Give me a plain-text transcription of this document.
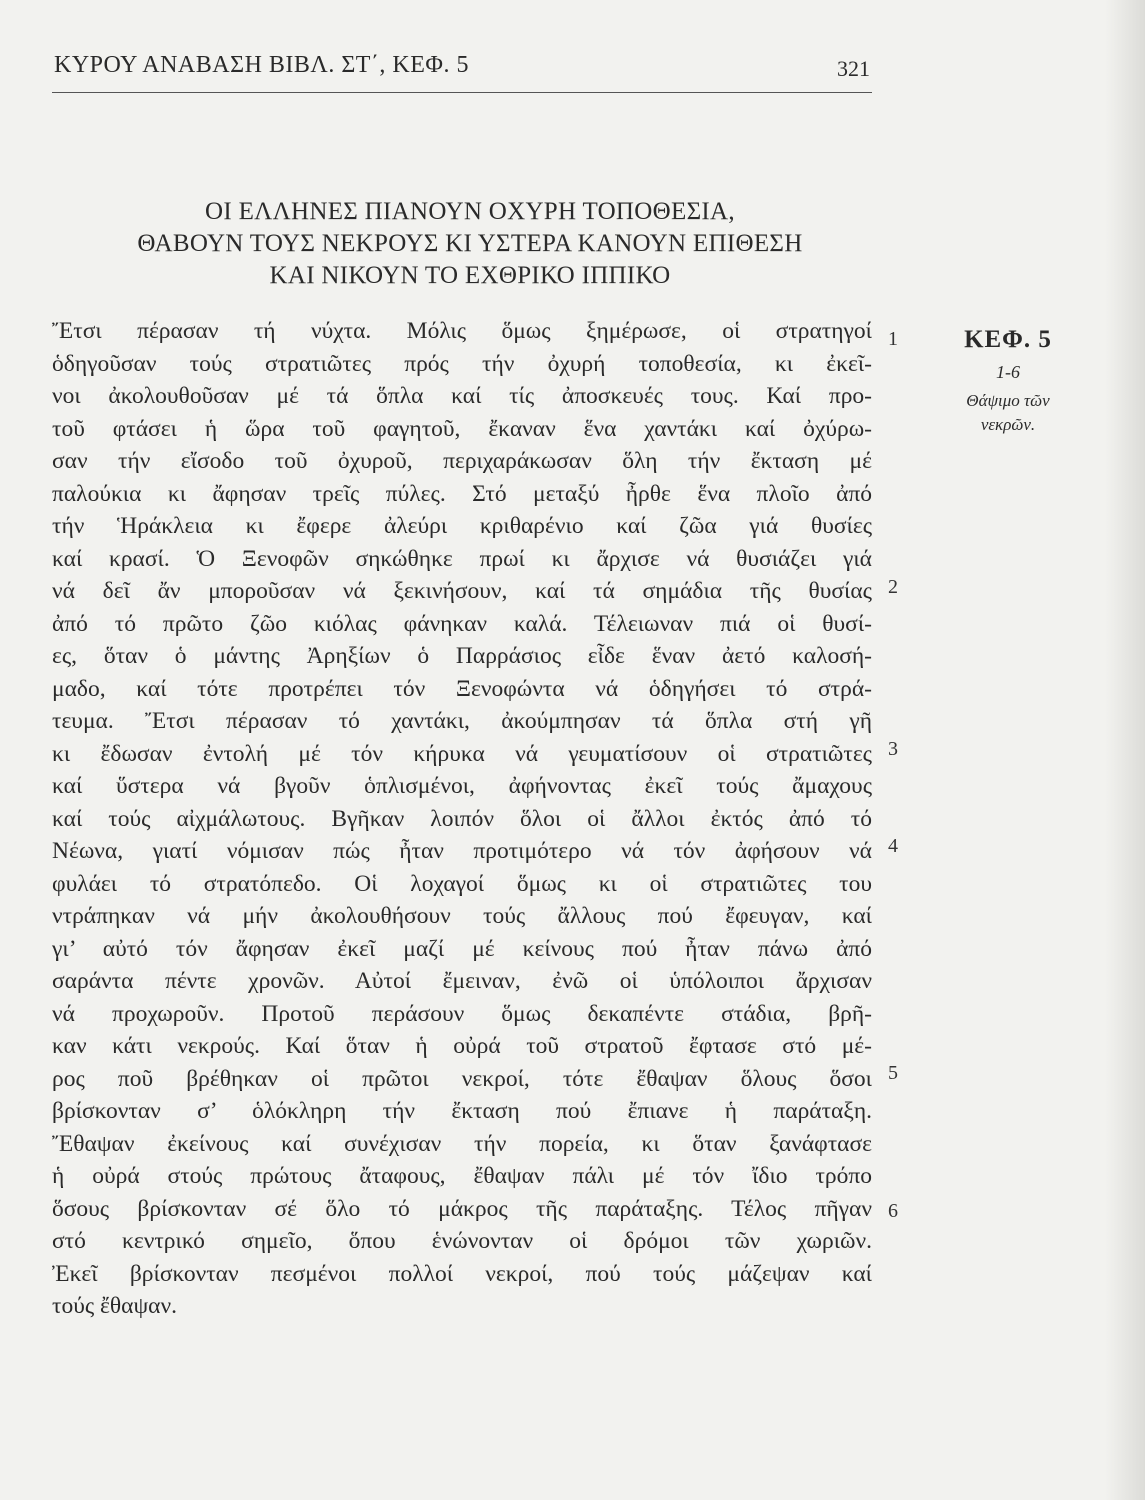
ΚΥΡΟΥ ΑΝΑΒΑΣΗ ΒΙΒΛ. ΣΤ΄, ΚΕΦ. 5	321
ΟΙ ΕΛΛΗΝΕΣ ΠΙΑΝΟΥΝ ΟΧΥΡΗ ΤΟΠΟΘΕΣΙΑ,
ΘΑΒΟΥΝ ΤΟΥΣ ΝΕΚΡΟΥΣ ΚΙ ΥΣΤΕΡΑ ΚΑΝΟΥΝ ΕΠΙΘΕΣΗ
ΚΑΙ ΝΙΚΟΥΝ ΤΟ ΕΧΘΡΙΚΟ ΙΠΠΙΚΟ
Ἔτσι πέρασαν τή νύχτα. Μόλις ὅμως ξημέρωσε, οἱ στρατηγοί
ὁδηγοῦσαν τούς στρατιῶτες πρός τήν ὀχυρή τοποθεσία, κι ἐκεῖ-
νοι ἀκολουθοῦσαν μέ τά ὅπλα καί τίς ἀποσκευές τους. Καί προ-
τοῦ φτάσει ἡ ὥρα τοῦ φαγητοῦ, ἔκαναν ἕνα χαντάκι καί ὀχύρω-
σαν τήν εἴσοδο τοῦ ὀχυροῦ, περιχαράκωσαν ὅλη τήν ἔκταση μέ
παλούκια κι ἄφησαν τρεῖς πύλες. Στό μεταξύ ἦρθε ἕνα πλοῖο ἀπό
τήν Ἡράκλεια κι ἔφερε ἀλεύρι κριθαρένιο καί ζῶα γιά θυσίες
καί κρασί. Ὁ Ξενοφῶν σηκώθηκε πρωί κι ἄρχισε νά θυσιάζει γιά
νά δεῖ ἄν μποροῦσαν νά ξεκινήσουν, καί τά σημάδια τῆς θυσίας
ἀπό τό πρῶτο ζῶο κιόλας φάνηκαν καλά. Τέλειωναν πιά οἱ θυσί-
ες, ὅταν ὁ μάντης Ἀρηξίων ὁ Παρράσιος εἶδε ἕναν ἀετό καλοσή-
μαδο, καί τότε προτρέπει τόν Ξενοφώντα νά ὁδηγήσει τό στρά-
τευμα. Ἔτσι πέρασαν τό χαντάκι, ἀκούμπησαν τά ὅπλα στή γῆ
κι ἔδωσαν ἐντολή μέ τόν κήρυκα νά γευματίσουν οἱ στρατιῶτες
καί ὕστερα νά βγοῦν ὁπλισμένοι, ἀφήνοντας ἐκεῖ τούς ἄμαχους
καί τούς αἰχμάλωτους. Βγῆκαν λοιπόν ὅλοι οἱ ἄλλοι ἐκτός ἀπό τό
Νέωνα, γιατί νόμισαν πώς ἦταν προτιμότερο νά τόν ἀφήσουν νά
φυλάει τό στρατόπεδο. Οἱ λοχαγοί ὅμως κι οἱ στρατιῶτες του
ντράπηκαν νά μήν ἀκολουθήσουν τούς ἄλλους πού ἔφευγαν, καί
γι’ αὐτό τόν ἄφησαν ἐκεῖ μαζί μέ κείνους πού ἦταν πάνω ἀπό
σαράντα πέντε χρονῶν. Αὐτοί ἔμειναν, ἐνῶ οἱ ὑπόλοιποι ἄρχισαν
νά προχωροῦν. Προτοῦ περάσουν ὅμως δεκαπέντε στάδια, βρῆ-
καν κάτι νεκρούς. Καί ὅταν ἡ οὐρά τοῦ στρατοῦ ἔφτασε στό μέ-
ρος ποῦ βρέθηκαν οἱ πρῶτοι νεκροί, τότε ἔθαψαν ὅλους ὅσοι
βρίσκονταν σ’ ὁλόκληρη τήν ἔκταση πού ἔπιανε ἡ παράταξη.
Ἔθαψαν ἐκείνους καί συνέχισαν τήν πορεία, κι ὅταν ξανάφτασε
ἡ οὐρά στούς πρώτους ἄταφους, ἔθαψαν πάλι μέ τόν ἴδιο τρόπο
ὅσους βρίσκονταν σέ ὅλο τό μάκρος τῆς παράταξης. Τέλος πῆγαν
στό κεντρικό σημεῖο, ὅπου ἑνώνονταν οἱ δρόμοι τῶν χωριῶν.
Ἐκεῖ βρίσκονταν πεσμένοι πολλοί νεκροί, πού τούς μάζεψαν καί
τούς ἔθαψαν.
1
2
3
4
5
6
ΚΕΦ. 5
1-6
Θάψιμο τῶν
νεκρῶν.
